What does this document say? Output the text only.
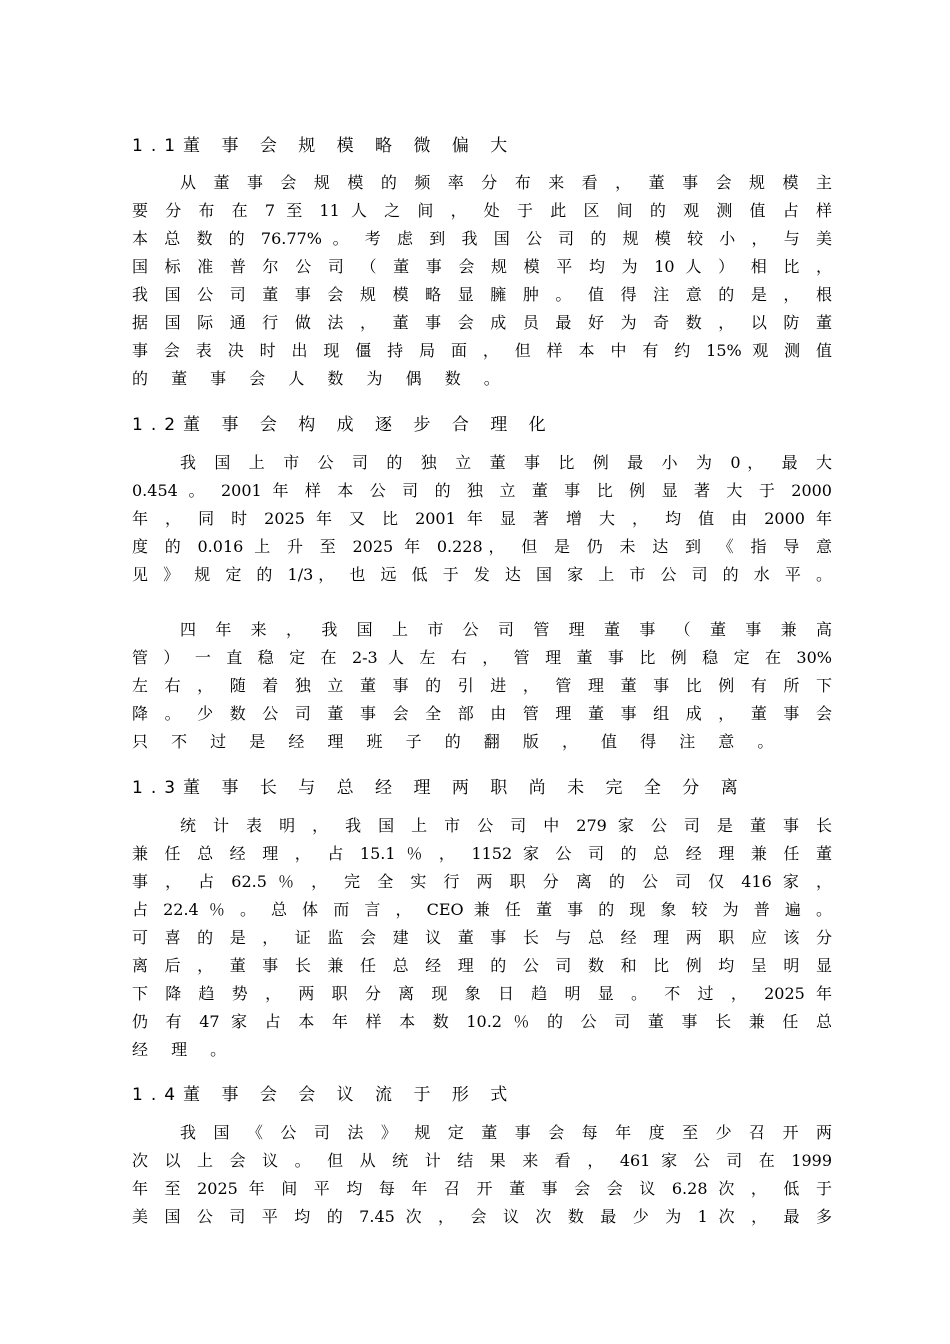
1.1董 事 会 规 模 略 微 偏 大
从 董 事 会 规 模 的 频 率 分 布 来 看 ， 董 事 会 规 模 主
要 分 布 在 7 至 11 人 之 间 ， 处 于 此 区 间 的 观 测 值 占 样
本 总 数 的 76.77% 。 考 虑 到 我 国 公 司 的 规 模 较 小 ， 与 美
国 标 准 普 尔 公 司 （ 董 事 会 规 模 平 均 为 10 人 ） 相 比 ，
我 国 公 司 董 事 会 规 模 略 显 臃 肿 。 值 得 注 意 的 是 ， 根
据 国 际 通 行 做 法 ， 董 事 会 成 员 最 好 为 奇 数 ， 以 防 董
事 会 表 决 时 出 现 僵 持 局 面 ， 但 样 本 中 有 约 15% 观 测 值
的 董 事 会 人 数 为 偶 数 。
1.2董 事 会 构 成 逐 步 合 理 化
我 国 上 市 公 司 的 独 立 董 事 比 例 最 小 为 0， 最 大
0.454 。 2001 年 样 本 公 司 的 独 立 董 事 比 例 显 著 大 于 2000
年 ， 同 时 2025 年 又 比 2001 年 显 著 增 大 ， 均 值 由 2000 年
度 的 0.016 上 升 至 2025 年 0.228， 但 是 仍 未 达 到 《 指 导 意
见 》 规 定 的 1/3， 也 远 低 于 发 达 国 家 上 市 公 司 的 水 平 。
四 年 来 ， 我 国 上 市 公 司 管 理 董 事 （ 董 事 兼 高
管 ） 一 直 稳 定 在 2-3 人 左 右 ， 管 理 董 事 比 例 稳 定 在 30%
左 右 ， 随 着 独 立 董 事 的 引 进 ， 管 理 董 事 比 例 有 所 下
降 。 少 数 公 司 董 事 会 全 部 由 管 理 董 事 组 成 ， 董 事 会
只 不 过 是 经 理 班 子 的 翻 版 ， 值 得 注 意 。
1.3董 事 长 与 总 经 理 两 职 尚 未 完 全 分 离
统 计 表 明 ， 我 国 上 市 公 司 中 279 家 公 司 是 董 事 长
兼 任 总 经 理 ， 占 15.1 ％ ， 1152 家 公 司 的 总 经 理 兼 任 董
事 ， 占 62.5 ％ ， 完 全 实 行 两 职 分 离 的 公 司 仅 416 家 ，
占 22.4 ％ 。 总 体 而 言 ， CEO 兼 任 董 事 的 现 象 较 为 普 遍 。
可 喜 的 是 ， 证 监 会 建 议 董 事 长 与 总 经 理 两 职 应 该 分
离 后 ， 董 事 长 兼 任 总 经 理 的 公 司 数 和 比 例 均 呈 明 显
下 降 趋 势 ， 两 职 分 离 现 象 日 趋 明 显 。 不 过 ， 2025 年
仍 有 47 家 占 本 年 样 本 数 10.2 ％ 的 公 司 董 事 长 兼 任 总
经 理 。
1.4董 事 会 会 议 流 于 形 式
我 国 《 公 司 法 》 规 定 董 事 会 每 年 度 至 少 召 开 两
次 以 上 会 议 。 但 从 统 计 结 果 来 看 ， 461 家 公 司 在 1999
年 至 2025 年 间 平 均 每 年 召 开 董 事 会 会 议 6.28 次 ， 低 于
美 国 公 司 平 均 的 7.45 次 ， 会 议 次 数 最 少 为 1 次 ， 最 多
